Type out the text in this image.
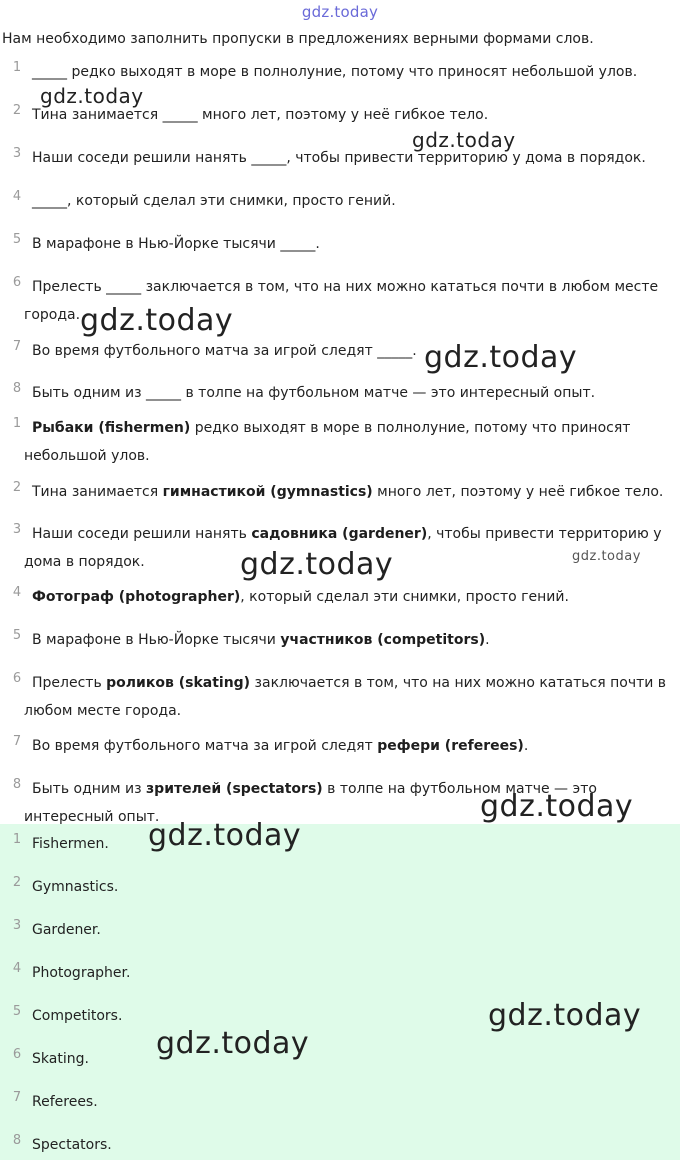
gdz.today
Нам необходимо заполнить пропуски в предложениях верными формами слов.
1 _____ редко выходят в море в полнолуние, потому что приносят небольшой улов.
2 Тина занимается _____ много лет, поэтому у неё гибкое тело.
3 Наши соседи решили нанять _____, чтобы привести территорию у дома в порядок.
4 _____, который сделал эти снимки, просто гений.
5 В марафоне в Нью-Йорке тысячи _____.
6 Прелесть _____ заключается в том, что на них можно кататься почти в любом месте города.
7 Во время футбольного матча за игрой следят _____.
8 Быть одним из _____ в толпе на футбольном матче — это интересный опыт.
1 Рыбаки (fishermen) редко выходят в море в полнолуние, потому что приносят небольшой улов.
2 Тина занимается гимнастикой (gymnastics) много лет, поэтому у неё гибкое тело.
3 Наши соседи решили нанять садовника (gardener), чтобы привести территорию у дома в порядок.
4 Фотограф (photographer), который сделал эти снимки, просто гений.
5 В марафоне в Нью-Йорке тысячи участников (competitors).
6 Прелесть роликов (skating) заключается в том, что на них можно кататься почти в любом месте города.
7 Во время футбольного матча за игрой следят рефери (referees).
8 Быть одним из зрителей (spectators) в толпе на футбольном матче — это интересный опыт.
1 Fishermen.
2 Gymnastics.
3 Gardener.
4 Photographer.
5 Competitors.
6 Skating.
7 Referees.
8 Spectators.
gdz.today
gdz.today
gdz.today
gdz.today
gdz.today	gdz.today
gdz.today
gdz.today
gdz.today
gdz.today
